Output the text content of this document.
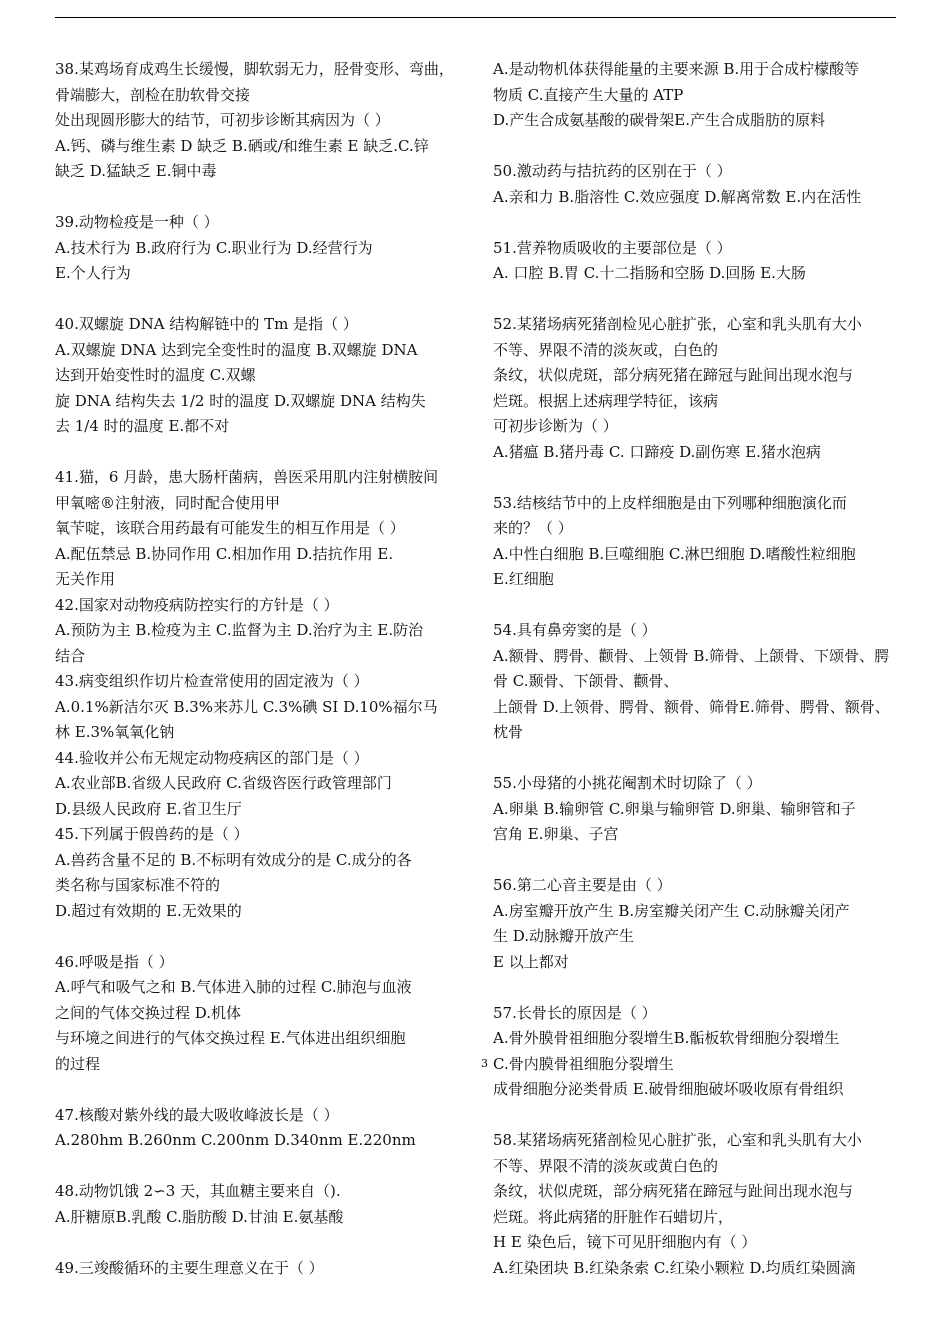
38.某鸡场育成鸡生长缓慢，脚软弱无力，胫骨变形、弯曲，
骨端膨大，剖检在肋软骨交接
处出现圆形膨大的结节，可初步诊断其病因为（ ）
A.钙、磷与维生素 D 缺乏 B.硒或/和维生素 E 缺乏.C.锌
缺乏 D.猛缺乏 E.铜中毒
39.动物检疫是一种（ ）
A.技术行为 B.政府行为 C.职业行为 D.经营行为
E.个人行为
40.双螺旋 DNA 结构解链中的 Tm 是指（ ）
A.双螺旋 DNA 达到完全变性时的温度 B.双螺旋 DNA
达到开始变性时的温度 C.双螺
旋 DNA 结构失去 1/2 时的温度 D.双螺旋 DNA 结构失
去 1/4 时的温度 E.都不对
41.猫，6 月龄，患大肠杆菌病，兽医采用肌内注射横胺间
甲氧嘧®注射液，同时配合使用甲
氧苄啶，该联合用药最有可能发生的相互作用是（ ）
A.配伍禁忌 B.协同作用 C.相加作用 D.拮抗作用 E.
无关作用
42.国家对动物疫病防控实行的方针是（ ）
A.预防为主 B.检疫为主 C.监督为主 D.治疗为主 E.防治
结合
43.病变组织作切片检查常使用的固定液为（ ）
A.0.1%新洁尔灭 B.3%来苏儿 C.3%碘 SI D.10%福尔马
林 E.3%氧氧化钠
44.验收并公布无规定动物疫病区的部门是（ ）
A.农业部B.省级人民政府 C.省级咨医行政管理部门
D.县级人民政府 E.省卫生厅
45.下列属于假兽药的是（ ）
A.兽药含量不足的 B.不标明有效成分的是 C.成分的各
类名称与国家标准不符的
D.超过有效期的 E.无效果的
46.呼吸是指（ ）
A.呼气和吸气之和 B.气体进入肺的过程 C.肺泡与血液
之间的气体交换过程 D.机体
与环境之间进行的气体交换过程 E.气体进出组织细胞
的过程
47.核酸对紫外线的最大吸收峰波长是（ ）
A.280hm B.260nm C.200nm D.340nm E.220nm
48.动物饥饿 2∽3 天，其血糖主要来自（).
A.肝糖原B.乳酸 C.脂肪酸 D.甘油 E.氨基酸
49.三竣酸循环的主要生理意义在于（ ）
A.是动物机体获得能量的主要来源 B.用于合成柠檬酸等
物质 C.直接产生大量的 ATP
D.产生合成氨基酸的碳骨架E.产生合成脂肪的原料
50.激动药与拮抗药的区别在于（ ）
A.亲和力 B.脂溶性 C.效应强度 D.解离常数 E.内在活性
51.营养物质吸收的主要部位是（ ）
A. 口腔 B.胃 C.十二指肠和空肠 D.回肠 E.大肠
52.某猪场病死猪剖检见心脏扩张，心室和乳头肌有大小
不等、界限不清的淡灰或，白色的
条纹，状似虎斑，部分病死猪在蹄冠与趾间出现水泡与
烂斑。根据上述病理学特征，该病
可初步诊断为（ ）
A.猪瘟 B.猪丹毒 C. 口蹄疫 D.副伤寒 E.猪水泡病
53.结核结节中的上皮样细胞是由下列哪种细胞演化而
来的？（ ）
A.中性白细胞 B.巨噬细胞 C.淋巴细胞 D.嗜酸性粒细胞
E.红细胞
54.具有鼻旁窦的是（ ）
A.额骨、腭骨、颧骨、上领骨 B.筛骨、上颌骨、下颂骨、腭
骨 C.颞骨、下颌骨、颧骨、
上颌骨 D.上领骨、腭骨、额骨、筛骨E.筛骨、腭骨、额骨、
枕骨
55.小母猪的小挑花阉割术时切除了（ ）
A.卵巢 B.输卵管 C.卵巢与输卵管 D.卵巢、输卵管和子
宫角 E.卵巢、子宫
56.第二心音主要是由（ ）
A.房室瓣开放产生 B.房室瓣关闭产生 C.动脉瓣关闭产
生 D.动脉瓣开放产生
E 以上都对
57.长骨长的原因是（ ）
A.骨外膜骨祖细胞分裂增生B.骺板软骨细胞分裂增生
C.骨内膜骨祖细胞分裂增生
成骨细胞分泌类骨质 E.破骨细胞破坏吸收原有骨组织
58.某猪场病死猪剖检见心脏扩张，心室和乳头肌有大小
不等、界限不清的淡灰或黄白色的
条纹，状似虎斑，部分病死猪在蹄冠与趾间出现水泡与
烂斑。将此病猪的肝脏作石蜡切片，
H E 染色后，镜下可见肝细胞内有（ ）
A.红染团块 B.红染条索 C.红染小颗粒 D.均质红染圆滴
3
